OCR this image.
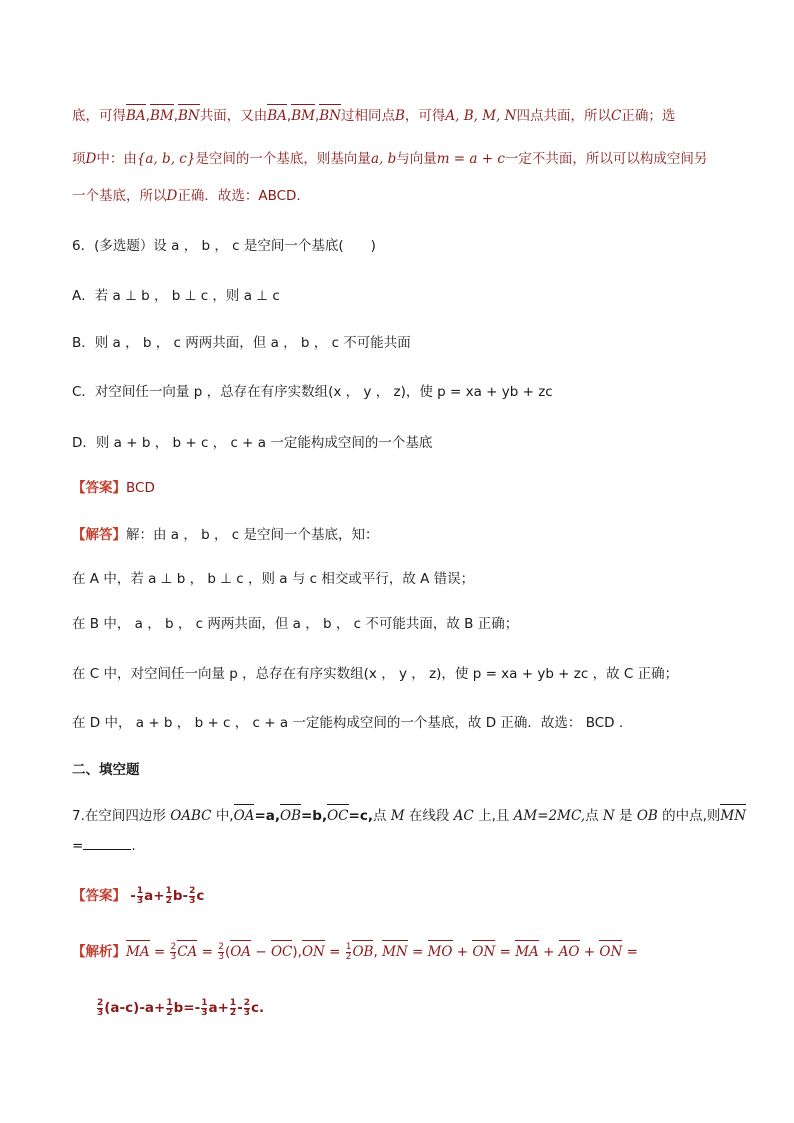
底，可得BA,BM,BN共面，又由BA,BM,BN过相同点B，可得A, B, M, N四点共面，所以C正确；选
项D中：由{a, b, c}是空间的一个基底，则基向量a, b与向量m = a + c一定不共面，所以可以构成空间另
一个基底，所以D正确．故选：ABCD.
6．(多选题）设 a ， b ， c 是空间一个基底(　　)
A．若 a ⊥ b ， b ⊥ c ，则 a ⊥ c
B．则 a ， b ， c 两两共面，但 a ， b ， c 不可能共面
C．对空间任一向量 p ，总存在有序实数组(x ， y ， z)，使 p = xa + yb + zc
D．则 a + b ， b + c ， c + a 一定能构成空间的一个基底
【答案】BCD
【解答】解：由 a ， b ， c 是空间一个基底，知：
在 A 中，若 a ⊥ b ， b ⊥ c ，则 a 与 c 相交或平行，故 A 错误；
在 B 中， a ， b ， c 两两共面，但 a ， b ， c 不可能共面，故 B 正确；
在 C 中，对空间任一向量 p ，总存在有序实数组(x ， y ， z)，使 p = xa + yb + zc ，故 C 正确；
在 D 中， a + b ， b + c ， c + a 一定能构成空间的一个基底，故 D 正确．故选： BCD .
二、填空题
7.在空间四边形 OABC 中,OA=a,OB=b,OC=c,点 M 在线段 AC 上,且 AM=2MC,点 N 是 OB 的中点,则MN
=	.
【答案】 - $\frac{1}{3} a+ \frac{1}{2} b- \frac{2}{3}$ c
【解析】MA = $\frac{2}{3}$ CA = $\frac{2}{3} (OA - OC),ON = \frac{1}{2}$ OB, MN = MO + ON = MA + AO + ON =
$\frac{2}{3} (a-c)-a+ \frac{1}{2} b=- \frac{1}{3} a+ \frac{1}{2} - \frac{2}{3} c$.
